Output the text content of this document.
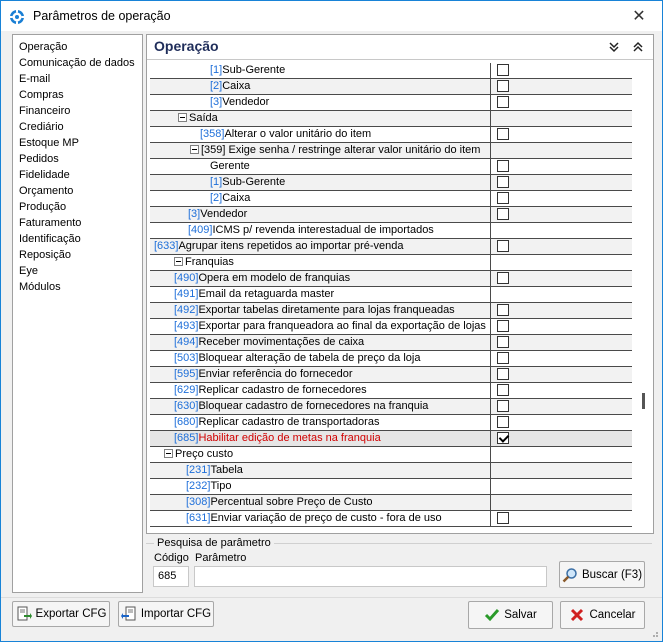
Parâmetros de operação	✕
Operação
Comunicação de dados
E-mail
Compras
Financeiro
Crediário
Estoque MP
Pedidos
Fidelidade
Orçamento
Produção
Faturamento
Identificação
Reposição
Eye
Módulos
Operação
[1]Sub-Gerente
[2]Caixa
[3]Vendedor
Saída
[358]Alterar o valor unitário do item
[359] Exige senha / restringe alterar valor unitário do item
Gerente
[1]Sub-Gerente
[2]Caixa
[3]Vendedor
[409]ICMS p/ revenda interestadual de importados
[633]Agrupar itens repetidos ao importar pré-venda
Franquias
[490]Opera em modelo de franquias
[491]Email da retaguarda master
[492]Exportar tabelas diretamente para lojas franqueadas
[493]Exportar para franqueadora ao final da exportação de lojas
[494]Receber movimentações de caixa
[503]Bloquear alteração de tabela de preço da loja
[595]Enviar referência do fornecedor
[629]Replicar cadastro de fornecedores
[630]Bloquear cadastro de fornecedores na franquia
[680]Replicar cadastro de transportadoras
[685]Habilitar edição de metas na franquia
Preço custo
[231]Tabela
[232]Tipo
[308]Percentual sobre Preço de Custo
[631]Enviar variação de preço de custo - fora de uso
Pesquisa de parâmetro
Código Parâmetro
685	Buscar (F3)
Exportar CFG	Importar CFG	Salvar	Cancelar
